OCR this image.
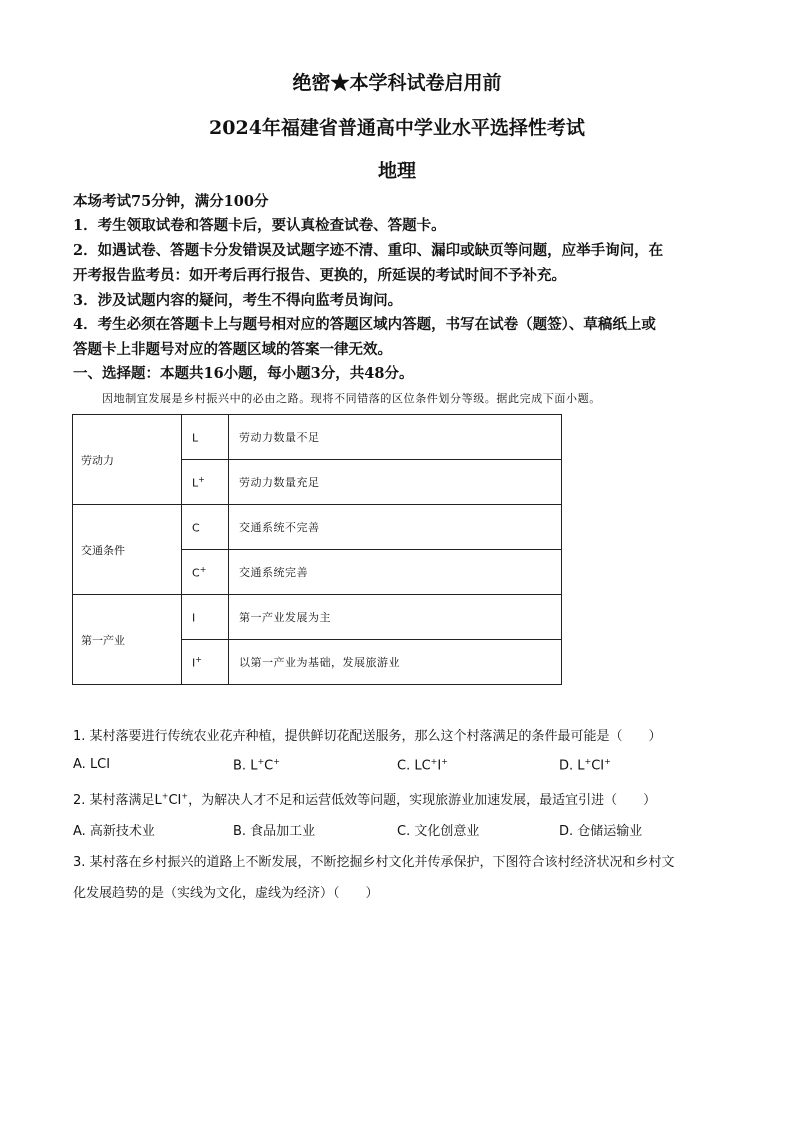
绝密★本学科试卷启用前
2024年福建省普通高中学业水平选择性考试
地理
本场考试75分钟，满分100分
1．考生领取试卷和答题卡后，要认真检查试卷、答题卡。
2．如遇试卷、答题卡分发错误及试题字迹不清、重印、漏印或缺页等问题，应举手询问，在
开考报告监考员：如开考后再行报告、更换的，所延误的考试时间不予补充。
3．涉及试题内容的疑问，考生不得向监考员询问。
4．考生必须在答题卡上与题号相对应的答题区域内答题，书写在试卷（题签）、草稿纸上或
答题卡上非题号对应的答题区域的答案一律无效。
一、选择题：本题共16小题，每小题3分，共48分。
因地制宜发展是乡村振兴中的必由之路。现将不同错落的区位条件划分等级。据此完成下面小题。
劳动力	L	劳动力数量不足
	L+	劳动力数量充足
交通条件	C	交通系统不完善
	C+	交通系统完善
第一产业	I	第一产业发展为主
	I+	以第一产业为基础，发展旅游业
1. 某村落要进行传统农业花卉种植，提供鲜切花配送服务，那么这个村落满足的条件最可能是（　　）
A. LCI	B. L+C+	C. LC+I+	D. L+CI+
2. 某村落满足L+CI+，为解决人才不足和运营低效等问题，实现旅游业加速发展，最适宜引进（　　）
A. 高新技术业	B. 食品加工业	C. 文化创意业	D. 仓储运输业
3. 某村落在乡村振兴的道路上不断发展，不断挖掘乡村文化并传承保护，下图符合该村经济状况和乡村文
化发展趋势的是（实线为文化，虚线为经济）（　　）
